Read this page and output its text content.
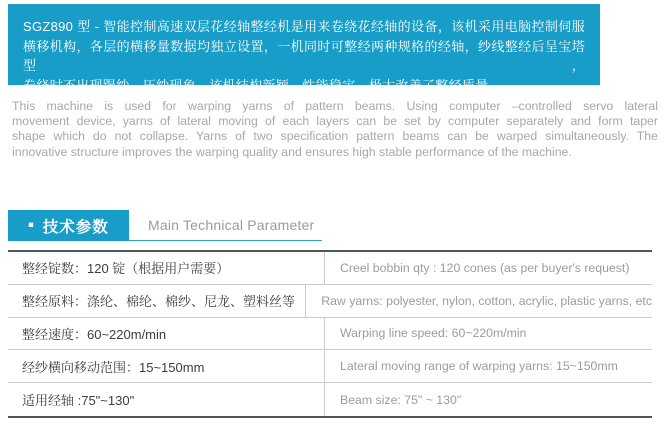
SGZ890 型 - 智能控制高速双层花经轴整经机是用来卷绕花经轴的设备，该机采用电脑控制伺服
横移机构，各层的横移量数据均独立设置，一机同时可整经两种规格的经轴，纱线整经后呈宝塔型，
卷绕时不出现蹋纱、压纱现象。该机结构新颖，性能稳定，极大改善了整经质量。
This machine is used for warping yarns of pattern beams. Using computer –controlled servo lateral
movement device, yarns of lateral moving of each layers can be set by computer separately and form taper
shape which do not collapse. Yarns of two specification pattern beams can be warped simultaneously. The
innovative structure improves the warping quality and ensures high stable performance of the machine.
■ 技术参数	Main Technical Parameter
整经锭数：120 锭（根据用户需要）	Creel bobbin qty : 120 cones (as per buyer's request)
整经原料：涤纶、棉纶、棉纱、尼龙、塑料丝等	Raw yarns: polyester, nylon, cotton, acrylic, plastic yarns, etc
整经速度：60~220m/min	Warping line speed: 60~220m/min
经纱横向移动范围：15~150mm	Lateral moving range of warping yarns: 15~150mm
适用经轴 :75"~130"	Beam size: 75" ~ 130"
